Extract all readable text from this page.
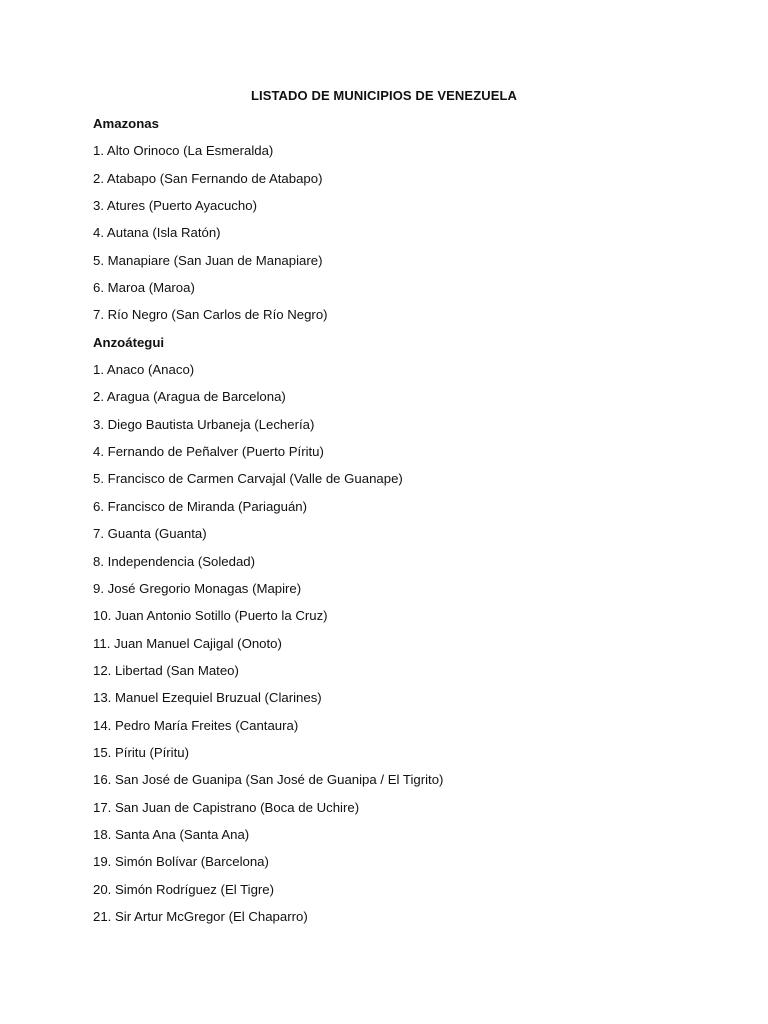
LISTADO DE MUNICIPIOS DE VENEZUELA
Amazonas
1. Alto Orinoco (La Esmeralda)
2. Atabapo (San Fernando de Atabapo)
3. Atures (Puerto Ayacucho)
4. Autana (Isla Ratón)
5. Manapiare (San Juan de Manapiare)
6. Maroa (Maroa)
7. Río Negro (San Carlos de Río Negro)
Anzoátegui
1. Anaco (Anaco)
2. Aragua (Aragua de Barcelona)
3. Diego Bautista Urbaneja (Lechería)
4. Fernando de Peñalver (Puerto Píritu)
5. Francisco de Carmen Carvajal (Valle de Guanape)
6. Francisco de Miranda (Pariaguán)
7. Guanta (Guanta)
8. Independencia (Soledad)
9. José Gregorio Monagas (Mapire)
10. Juan Antonio Sotillo (Puerto la Cruz)
11. Juan Manuel Cajigal (Onoto)
12. Libertad (San Mateo)
13. Manuel Ezequiel Bruzual (Clarines)
14. Pedro María Freites (Cantaura)
15. Píritu (Píritu)
16. San José de Guanipa (San José de Guanipa / El Tigrito)
17. San Juan de Capistrano (Boca de Uchire)
18. Santa Ana (Santa Ana)
19. Simón Bolívar (Barcelona)
20. Simón Rodríguez (El Tigre)
21. Sir Artur McGregor (El Chaparro)
